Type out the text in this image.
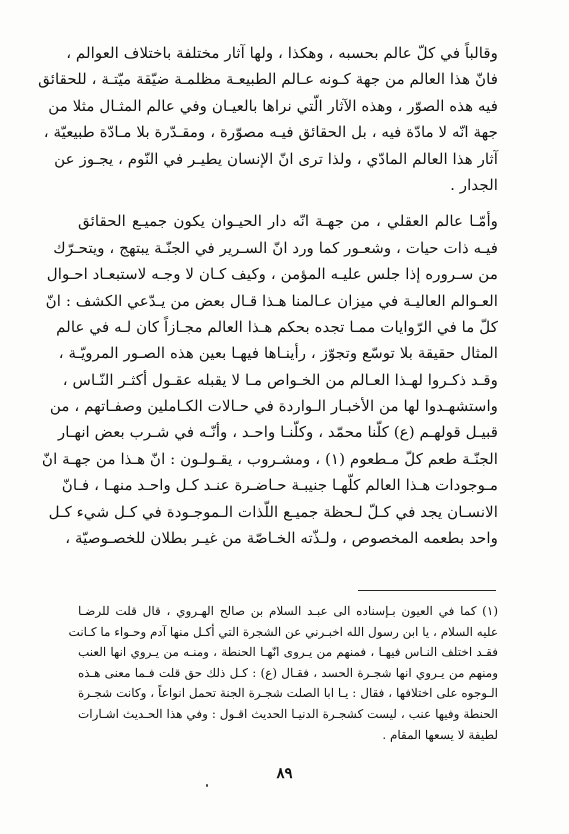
وقالباً في كلّ عالم بحسبه ، وهكذا ، ولها آثار مختلفة باختلاف العوالم ،
فانّ هذا العالم من جهة كـونه عـالم الطبيعـة مظلمـة ضيّقة ميّتـة ، للحقائق
فيه هذه الصوّر ، وهذه الآثار الّتي نراها بالعيـان وفي عالم المثـال مثلا من
جهة انّه لا مادّة فيه ، بل الحقائق فيـه مصوّرة ، ومقـدّرة بلا مـادّة طبيعيّة ،
آثار هذا العالم المادّي ، ولذا ترى انّ الإنسان يطيـر في النّوم ، يجـوز عن
الجدار .
وأمّـا عالم العقلي ، من جهـة انّه دار الحيـوان يكون جميـع الحقائق
فيـه ذات حيات ، وشعـور كما ورد انّ السـرير في الجنّـة يبتهج ، ويتحـرّك
من سـروره إذا جلس عليـه المؤمن ، وكيف كـان لا وجـه لاستبعـاد احـوال
العـوالم العاليـة في ميزان عـالمنا هـذا قـال بعض من يـدّعي الكشف : انّ
كلّ ما في الرّوايات ممـا تجده بحكم هـذا العالم مجـازاً كان لـه في عالم
المثال حقيقة بلا توسّع وتجوّز ، رأينـاها فيهـا بعين هذه الصـور المرويّـة ،
وقـد ذكـروا لهـذا العـالم من الخـواص مـا لا يقبله عقـول أكثـر النّـاس ،
واستشهـدوا لها من الأخبـار الـواردة في حـالات الكـاملين وصفـاتهم ، من
قبيـل قولهـم (ع) كلّنا محمّد ، وكلّنـا واحـد ، وأنّـه في شـرب بعض انهـار
الجنّـة طعم كلّ مـطعوم (١) ، ومشـروب ، يقـولـون : انّ هـذا من جهـة انّ
مـوجودات هـذا العالم كلّهـا جنيبـة حـاضـرة عنـد كـل واحـد منهـا ، فـانّ
الانسـان يجد في كـلّ لـحظة جميـع اللّذات الـموجـودة في كـل شيء كـل
واحد بطعمه المخصوص ، ولـذّته الخـاصّة من غيـر بطلان للخصـوصيّة ،
(١) كما في العيون بـإسناده الى عبـد السلام بن صالح الهـروي ، قال قلت للرضـا
عليه السلام ، يا ابن رسول الله اخبـرني عن الشجرة التي أكـل منها آدم وحـواء ما كـانت
فقـد اختلف النـاس فيهـا ، فمنهم من يـروى انّهـا الحنطة ، ومنـه من يـروي انها العنب
ومنهم من يـروي انها شجـرة الحسد ، فقـال (ع) : كـل ذلك حق قلت فـما معنى هـذه
الـوجوه على اختلافها ، فقال : يـا ابا الصلت شجـرة الجنة تحمل انواعاً ، وكانت شجـرة
الحنطة وفيها عنب ، ليست كشجـرة الدنيـا الحديث اقـول : وفي هذا الحـديث اشـارات
لطيفة لا يسعها المقام .
٨٩
